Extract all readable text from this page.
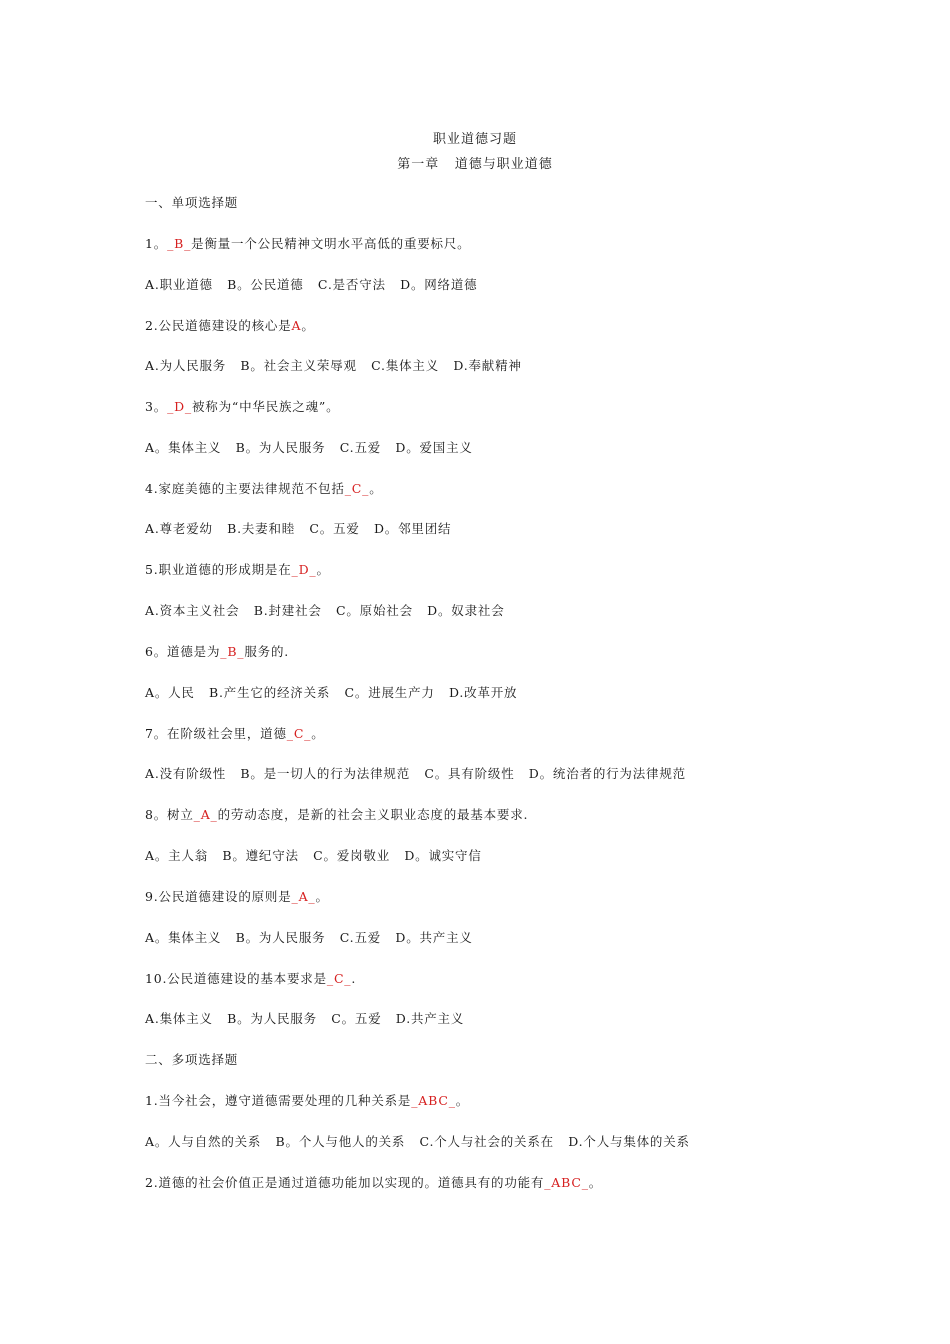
职业道德习题
第一章   道德与职业道德
一、单项选择题
1。_B_是衡量一个公民精神文明水平高低的重要标尺。
A.职业道德   B。公民道德   C.是否守法   D。网络道德
2.公民道德建设的核心是A。
A.为人民服务   B。社会主义荣辱观   C.集体主义   D.奉献精神
3。_D_被称为“中华民族之魂”。
A。集体主义   B。为人民服务   C.五爱   D。爱国主义
4.家庭美德的主要法律规范不包括_C_。
A.尊老爱幼   B.夫妻和睦   C。五爱   D。邻里团结
5.职业道德的形成期是在_D_。
A.资本主义社会   B.封建社会   C。原始社会   D。奴隶社会
6。道德是为_B_服务的.
A。人民   B.产生它的经济关系   C。进展生产力   D.改革开放
7。在阶级社会里，道德_C_。
A.没有阶级性   B。是一切人的行为法律规范   C。具有阶级性   D。统治者的行为法律规范
8。树立_A_的劳动态度，是新的社会主义职业态度的最基本要求.
A。主人翁   B。遵纪守法   C。爱岗敬业   D。诚实守信
9.公民道德建设的原则是_A_。
A。集体主义   B。为人民服务   C.五爱   D。共产主义
10.公民道德建设的基本要求是_C_.
A.集体主义   B。为人民服务   C。五爱   D.共产主义
二、多项选择题
1.当今社会，遵守道德需要处理的几种关系是_ABC_。
A。人与自然的关系   B。个人与他人的关系   C.个人与社会的关系在   D.个人与集体的关系
2.道德的社会价值正是通过道德功能加以实现的。道德具有的功能有_ABC_。
